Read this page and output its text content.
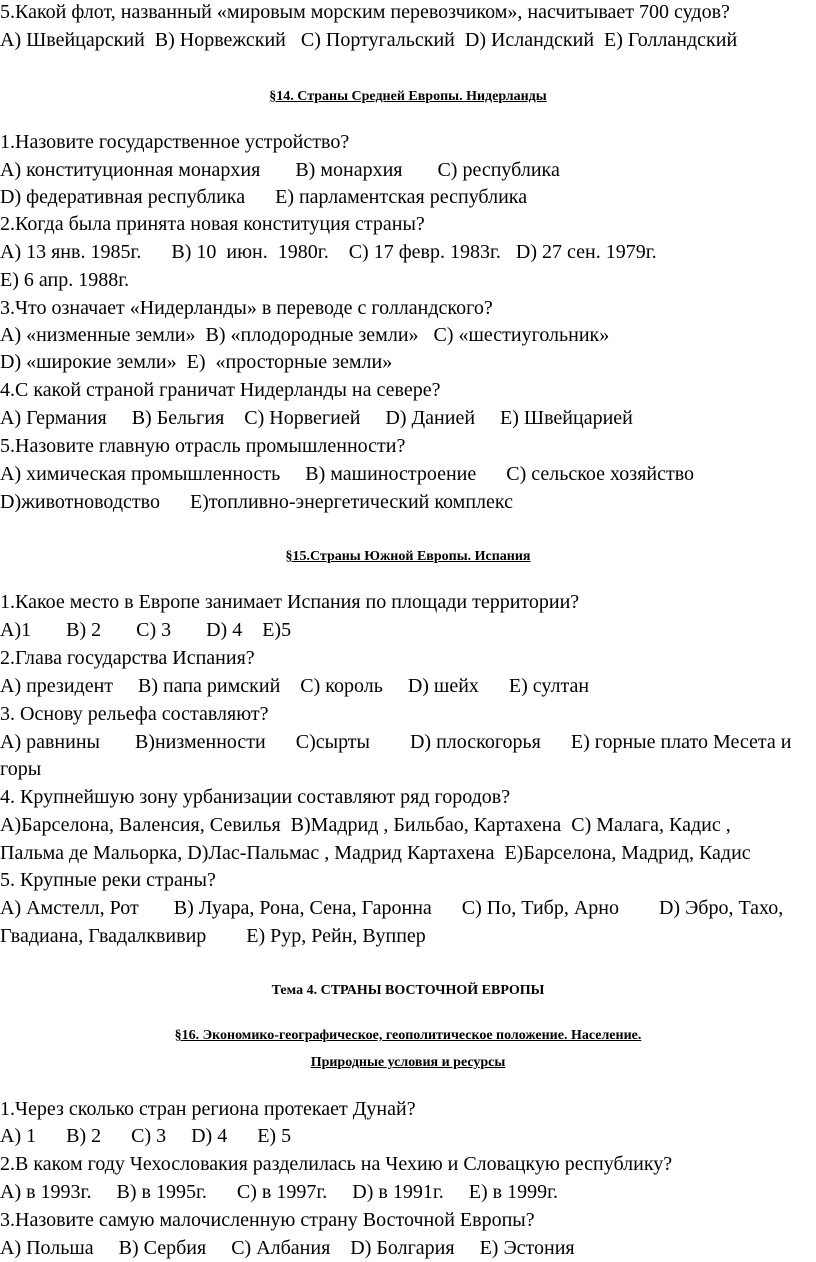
5.Какой флот, названный «мировым морским перевозчиком», насчитывает 700 судов?
А) Швейцарский  В) Норвежский   С) Португальский  D) Исландский  Е) Голландский
§14. Страны Средней Европы. Нидерланды
1.Назовите государственное устройство?
А) конституционная монархия       В) монархия       С) республика
D) федеративная республика      Е) парламентская республика
2.Когда была принята новая конституция страны?
А) 13 янв. 1985г.      В) 10  июн.  1980г.    С) 17 февр. 1983г.   D) 27 сен. 1979г.
Е) 6 апр. 1988г.
3.Что означает «Нидерланды» в переводе с голландского?
А) «низменные земли»  В) «плодородные земли»   С) «шестиугольник»
D) «широкие земли»  Е)  «просторные земли»
4.С какой страной граничат Нидерланды на севере?
А) Германия     В) Бельгия    С) Норвегией     D) Данией     Е) Швейцарией
5.Назовите главную отрасль промышленности?
А) химическая промышленность     В) машиностроение      С) сельское хозяйство
D)животноводство      Е)топливно-энергетический комплекс
§15.Страны Южной Европы. Испания
1.Какое место в Европе занимает Испания по площади территории?
А)1       В) 2       С) 3       D) 4    Е)5
2.Глава государства Испания?
А) президент     В) папа римский    С) король     D) шейх      Е) султан
3. Основу рельефа составляют?
А) равнины       В)низменности      С)сырты        D) плоскогорья      Е) горные плато Месета и
горы
4. Крупнейшую зону урбанизации составляют ряд городов?
А)Барселона, Валенсия, Севилья  В)Мадрид , Бильбао, Картахена  С) Малага, Кадис ,
Пальма де Мальорка, D)Лас-Пальмас , Мадрид Картахена  Е)Барселона, Мадрид, Кадис
5. Крупные реки страны?
А) Амстелл, Рот       В) Луара, Рона, Сена, Гаронна      С) По, Тибр, Арно        D) Эбро, Тахо,
Гвадиана, Гвадалквивир        Е) Рур, Рейн, Вуппер
Тема 4. СТРАНЫ ВОСТОЧНОЙ ЕВРОПЫ
§16. Экономико-географическое, геополитическое положение. Население.
Природные условия и ресурсы
1.Через сколько стран региона протекает Дунай?
А) 1      В) 2      С) 3     D) 4      Е) 5
2.В каком году Чехословакия разделилась на Чехию и Словацкую республику?
А) в 1993г.     В) в 1995г.      С) в 1997г.     D) в 1991г.     Е) в 1999г.
3.Назовите самую малочисленную страну Восточной Европы?
А) Польша     В) Сербия     С) Албания    D) Болгария     Е) Эстония
